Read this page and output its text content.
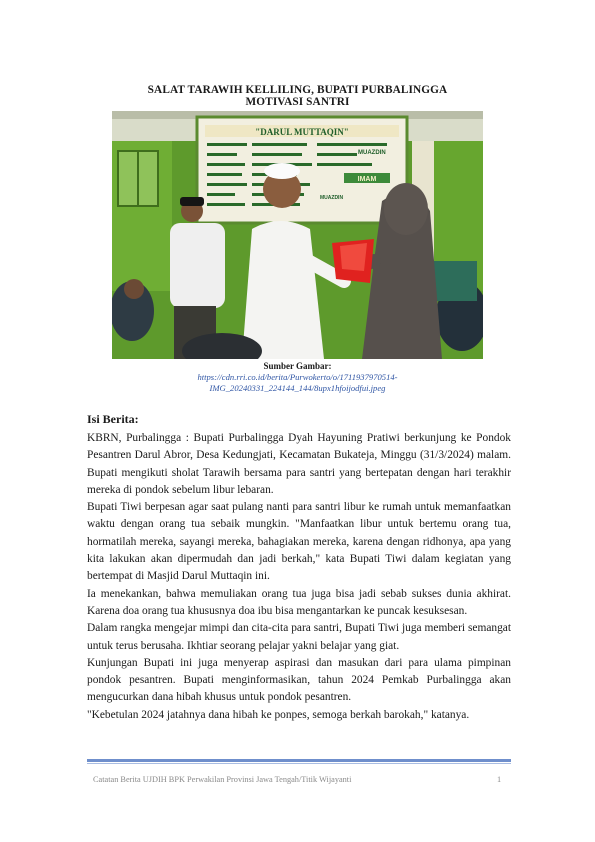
SALAT TARAWIH KELLILING, BUPATI PURBALINGGA
MOTIVASI SANTRI
"DARUL MUTTAQIN"
IMAM
MUAZDIN
MUAZDIN
Sumber Gambar:
https://cdn.rri.co.id/berita/Purwokerto/o/1711937970514-
IMG_20240331_224144_144/8upx1hfoijodfui.jpeg
Isi Berita:

KBRN, Purbalingga : Bupati Purbalingga Dyah Hayuning Pratiwi berkunjung ke Pondok Pesantren Darul Abror, Desa Kedungjati, Kecamatan Bukateja, Minggu (31/3/2024) malam. Bupati mengikuti sholat Tarawih bersama para santri yang bertepatan dengan hari terakhir mereka di pondok sebelum libur lebaran.

Bupati Tiwi berpesan agar saat pulang nanti para santri libur ke rumah untuk memanfaatkan waktu dengan orang tua sebaik mungkin. "Manfaatkan libur untuk bertemu orang tua, hormatilah mereka, sayangi mereka, bahagiakan mereka, karena dengan ridhonya, apa yang kita lakukan akan dipermudah dan jadi berkah," kata Bupati Tiwi dalam kegiatan yang bertempat di Masjid Darul Muttaqin ini.

Ia menekankan, bahwa memuliakan orang tua juga bisa jadi sebab sukses dunia akhirat. Karena doa orang tua khususnya doa ibu bisa mengantarkan ke puncak kesuksesan.

Dalam rangka mengejar mimpi dan cita-cita para santri, Bupati Tiwi juga memberi semangat untuk terus berusaha. Ikhtiar seorang pelajar yakni belajar yang giat.

Kunjungan Bupati ini juga menyerap aspirasi dan masukan dari para ulama pimpinan pondok pesantren. Bupati menginformasikan, tahun 2024 Pemkab Purbalingga akan mengucurkan dana hibah khusus untuk pondok pesantren.

"Kebetulan 2024 jatahnya dana hibah ke ponpes, semoga berkah barokah," katanya.

Catatan Berita UJDIH BPK Perwakilan Provinsi Jawa Tengah/Titik Wijayanti	1
